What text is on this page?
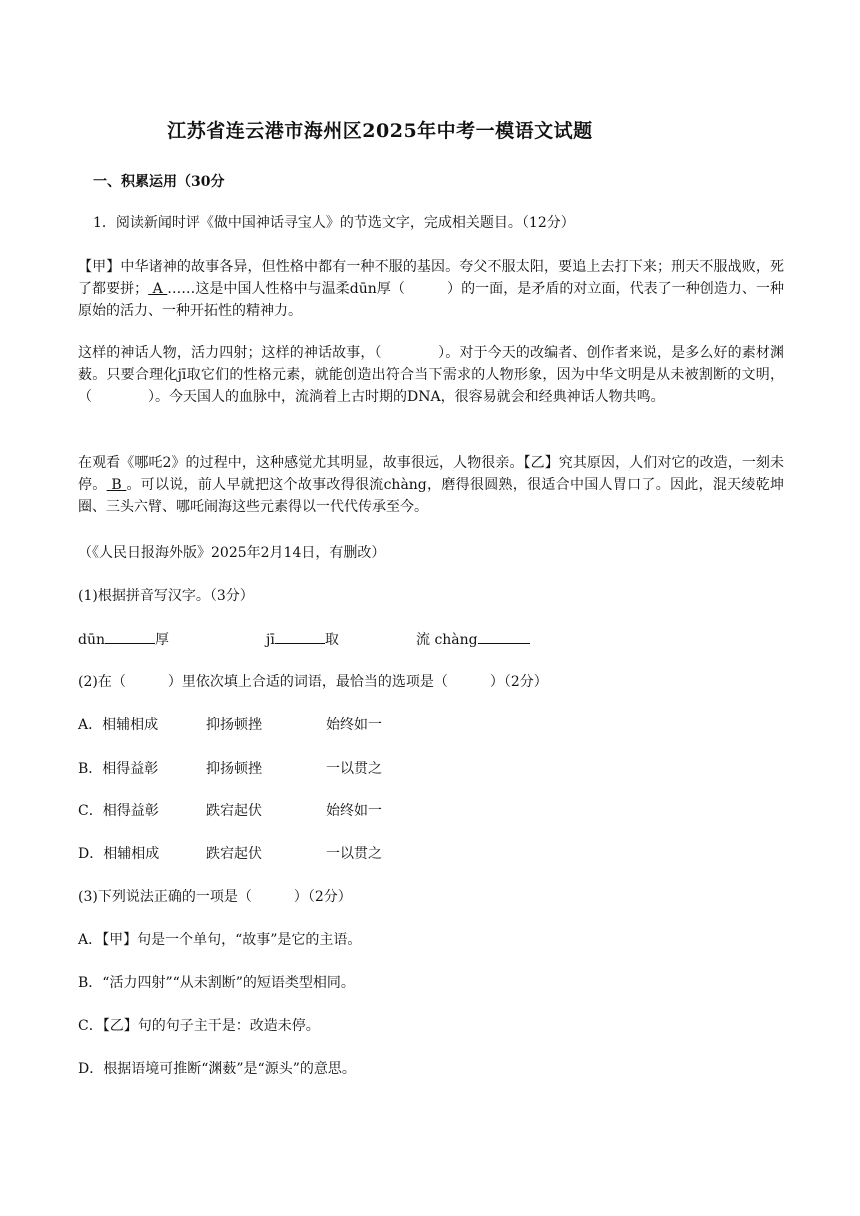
江苏省连云港市海州区2025年中考一模语文试题
一、积累运用（30分
1．阅读新闻时评《做中国神话寻宝人》的节选文字，完成相关题目。（12分）
【甲】中华诸神的故事各异，但性格中都有一种不服的基因。夸父不服太阳，要追上去打下来；刑天不服战败，死了都要拼； A ……这是中国人性格中与温柔dūn厚（　　　）的一面，是矛盾的对立面，代表了一种创造力、一种原始的活力、一种开拓性的精神力。
这样的神话人物，活力四射；这样的神话故事，（　　　　）。对于今天的改编者、创作者来说，是多么好的素材渊薮。只要合理化jī取它们的性格元素，就能创造出符合当下需求的人物形象，因为中华文明是从未被割断的文明，（　　　　）。今天国人的血脉中，流淌着上古时期的DNA，很容易就会和经典神话人物共鸣。
在观看《哪吒2》的过程中，这种感觉尤其明显，故事很远，人物很亲。【乙】究其原因，人们对它的改造，一刻未停。 B 。可以说，前人早就把这个故事改得很流chàng，磨得很圆熟，很适合中国人胃口了。因此，混天绫乾坤圈、三头六臂、哪吒闹海这些元素得以一代代传承至今。
（《人民日报海外版》2025年2月14日，有删改）
(1)根据拼音写汉字。（3分）
dūn	厚	jī	取	流 chàng
(2)在（　　　）里依次填上合适的词语，最恰当的选项是（　　　）（2分）
A．相辅相成	抑扬顿挫	始终如一
B．相得益彰	抑扬顿挫	一以贯之
C．相得益彰	跌宕起伏	始终如一
D．相辅相成	跌宕起伏	一以贯之
(3)下列说法正确的一项是（　　　）（2分）
A．【甲】句是一个单句，“故事”是它的主语。
B．“活力四射”“从未割断”的短语类型相同。
C．【乙】句的句子主干是：改造未停。
D．根据语境可推断“渊薮”是“源头”的意思。
